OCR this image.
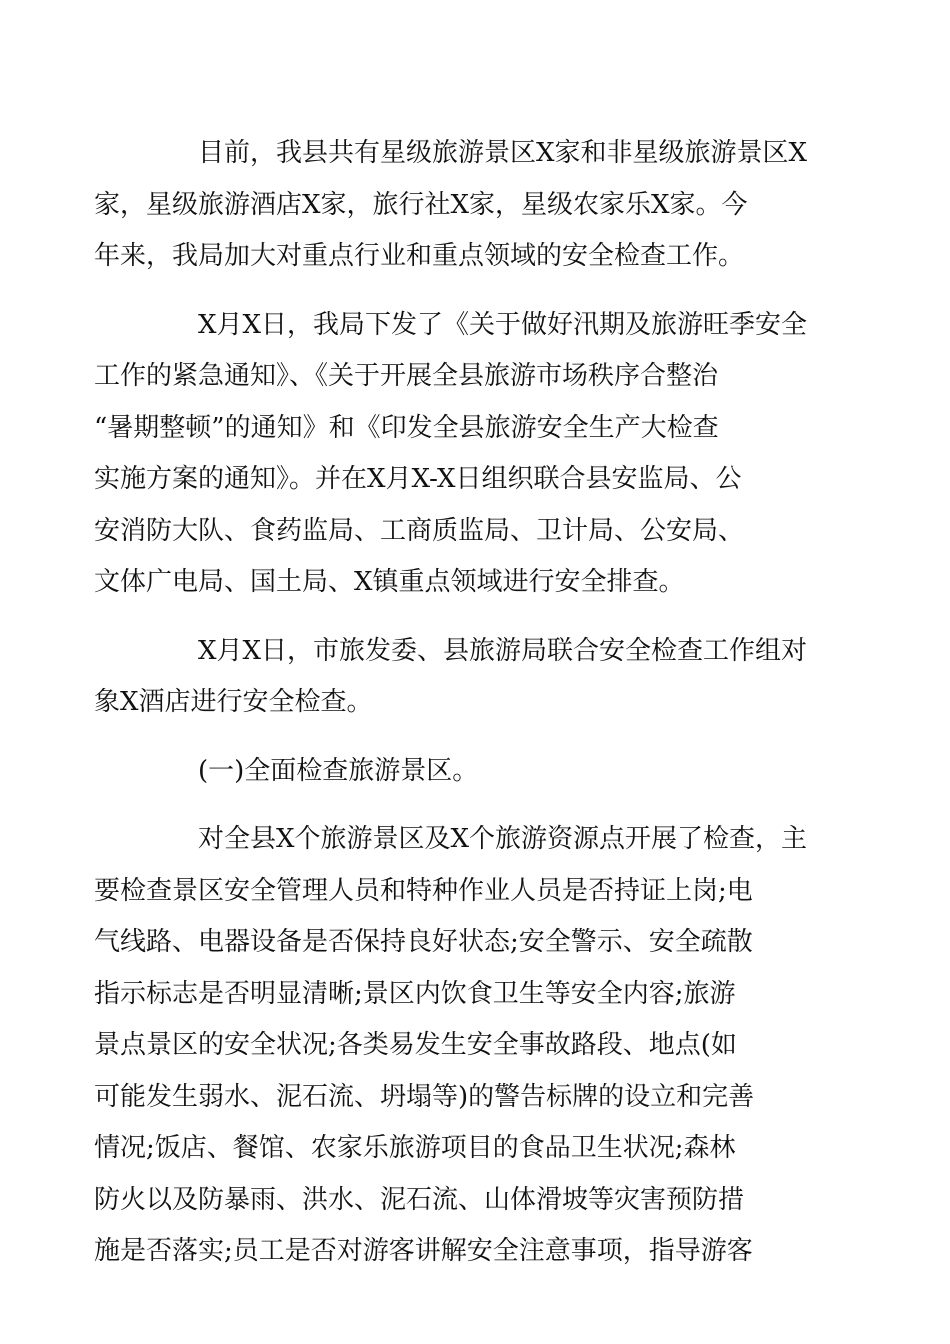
目前，我县共有星级旅游景区X家和非星级旅游景区X
家，星级旅游酒店X家，旅行社X家，星级农家乐X家。今
年来，我局加大对重点行业和重点领域的安全检查工作。

X月X日，我局下发了《关于做好汛期及旅游旺季安全
工作的紧急通知》、《关于开展全县旅游市场秩序合整治
“暑期整顿”的通知》和《印发全县旅游安全生产大检查
实施方案的通知》。并在X月X-X日组织联合县安监局、公
安消防大队、食药监局、工商质监局、卫计局、公安局、
文体广电局、国土局、X镇重点领域进行安全排查。

X月X日，市旅发委、县旅游局联合安全检查工作组对
象X酒店进行安全检查。

(一)全面检查旅游景区。

对全县X个旅游景区及X个旅游资源点开展了检查，主
要检查景区安全管理人员和特种作业人员是否持证上岗;电
气线路、电器设备是否保持良好状态;安全警示、安全疏散
指示标志是否明显清晰;景区内饮食卫生等安全内容;旅游
景点景区的安全状况;各类易发生安全事故路段、地点(如
可能发生弱水、泥石流、坍塌等)的警告标牌的设立和完善
情况;饭店、餐馆、农家乐旅游项目的食品卫生状况;森林
防火以及防暴雨、洪水、泥石流、山体滑坡等灾害预防措
施是否落实;员工是否对游客讲解安全注意事项，指导游客
